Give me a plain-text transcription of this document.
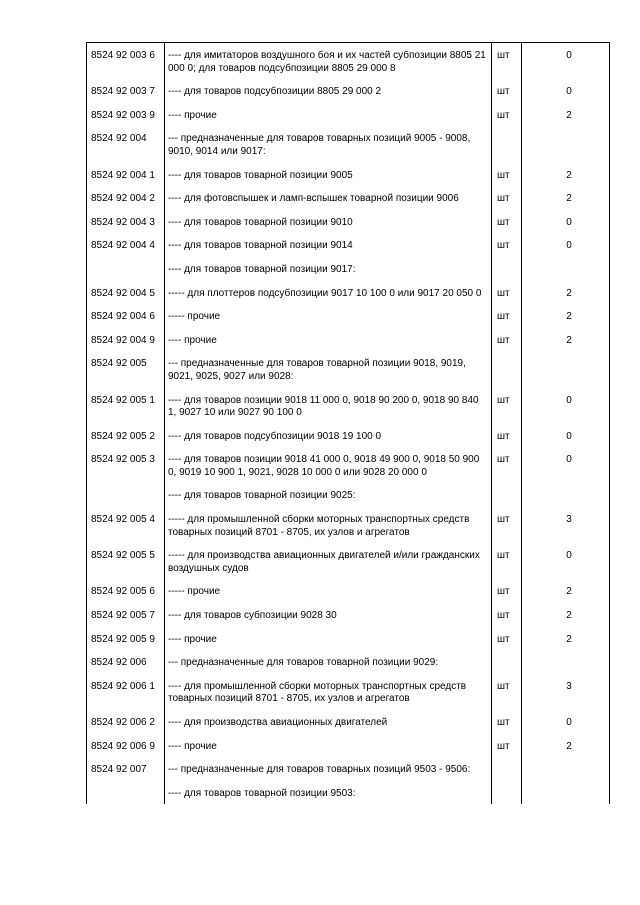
8524 92 003 6	---- для имитаторов воздушного боя и их частей субпозиции 8805 21 000 0; для товаров подсубпозиции 8805 29 000 8	шт	0
8524 92 003 7	---- для товаров подсубпозиции 8805 29 000 2	шт	0
8524 92 003 9	---- прочие	шт	2
8524 92 004	--- предназначенные для товаров товарных позиций 9005 - 9008, 9010, 9014 или 9017:		
8524 92 004 1	---- для товаров товарной позиции 9005	шт	2
8524 92 004 2	---- для фотовспышек и ламп-вспышек товарной позиции 9006	шт	2
8524 92 004 3	---- для товаров товарной позиции 9010	шт	0
8524 92 004 4	---- для товаров товарной позиции 9014	шт	0
	---- для товаров товарной позиции 9017:		
8524 92 004 5	----- для плоттеров подсубпозиции 9017 10 100 0 или 9017 20 050 0	шт	2
8524 92 004 6	----- прочие	шт	2
8524 92 004 9	---- прочие	шт	2
8524 92 005	--- предназначенные для товаров товарной позиции 9018, 9019, 9021, 9025, 9027 или 9028:		
8524 92 005 1	---- для товаров позиции 9018 11 000 0, 9018 90 200 0, 9018 90 840 1, 9027 10 или 9027 90 100 0	шт	0
8524 92 005 2	---- для товаров подсубпозиции 9018 19 100 0	шт	0
8524 92 005 3	---- для товаров позиции 9018 41 000 0, 9018 49 900 0, 9018 50 900 0, 9019 10 900 1, 9021, 9028 10 000 0 или 9028 20 000 0	шт	0
	---- для товаров товарной позиции 9025:		
8524 92 005 4	----- для промышленной сборки моторных транспортных средств товарных позиций 8701 - 8705, их узлов и агрегатов	шт	3
8524 92 005 5	----- для производства авиационных двигателей и/или гражданских воздушных судов	шт	0
8524 92 005 6	----- прочие	шт	2
8524 92 005 7	---- для товаров субпозиции 9028 30	шт	2
8524 92 005 9	---- прочие	шт	2
8524 92 006	--- предназначенные для товаров товарной позиции 9029:		
8524 92 006 1	---- для промышленной сборки моторных транспортных средств товарных позиций 8701 - 8705, их узлов и агрегатов	шт	3
8524 92 006 2	---- для производства авиационных двигателей	шт	0
8524 92 006 9	---- прочие	шт	2
8524 92 007	--- предназначенные для товаров товарных позиций 9503 - 9506:		
	---- для товаров товарной позиции 9503:		
